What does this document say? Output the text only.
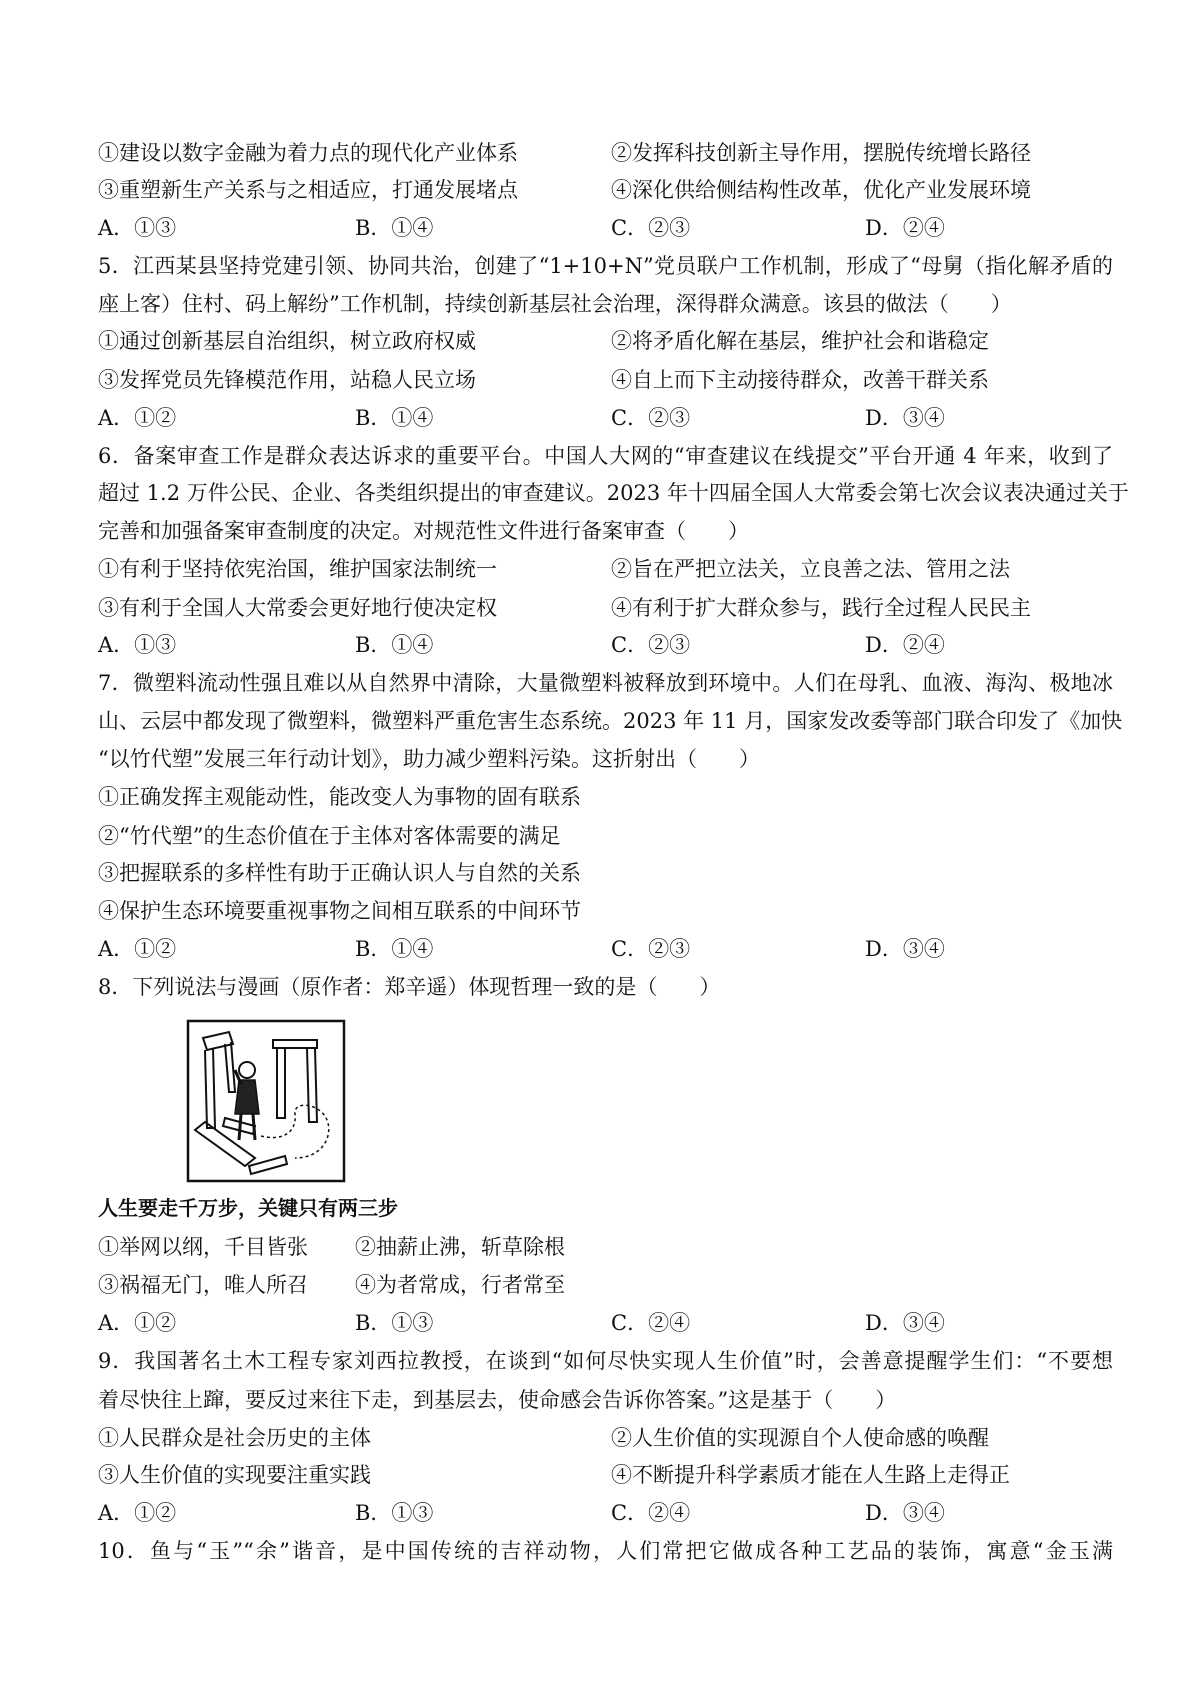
①建设以数字金融为着力点的现代化产业体系	②发挥科技创新主导作用，摆脱传统增长路径
③重塑新生产关系与之相适应，打通发展堵点	④深化供给侧结构性改革，优化产业发展环境
A．①③	B．①④	C．②③	D．②④
5．江西某县坚持党建引领、协同共治，创建了“1+10+N”党员联户工作机制，形成了“母舅（指化解矛盾的
座上客）住村、码上解纷”工作机制，持续创新基层社会治理，深得群众满意。该县的做法（　　）
①通过创新基层自治组织，树立政府权威	②将矛盾化解在基层，维护社会和谐稳定
③发挥党员先锋模范作用，站稳人民立场	④自上而下主动接待群众，改善干群关系
A．①②	B．①④	C．②③	D．③④
6．备案审查工作是群众表达诉求的重要平台。中国人大网的“审查建议在线提交”平台开通 4 年来，收到了
超过 1.2 万件公民、企业、各类组织提出的审查建议。2023 年十四届全国人大常委会第七次会议表决通过关于
完善和加强备案审查制度的决定。对规范性文件进行备案审查（　　）
①有利于坚持依宪治国，维护国家法制统一	②旨在严把立法关，立良善之法、管用之法
③有利于全国人大常委会更好地行使决定权	④有利于扩大群众参与，践行全过程人民民主
A．①③	B．①④	C．②③	D．②④
7．微塑料流动性强且难以从自然界中清除，大量微塑料被释放到环境中。人们在母乳、血液、海沟、极地冰
山、云层中都发现了微塑料，微塑料严重危害生态系统。2023 年 11 月，国家发改委等部门联合印发了《加快
“以竹代塑”发展三年行动计划》，助力减少塑料污染。这折射出（　　）
①正确发挥主观能动性，能改变人为事物的固有联系
②“竹代塑”的生态价值在于主体对客体需要的满足
③把握联系的多样性有助于正确认识人与自然的关系
④保护生态环境要重视事物之间相互联系的中间环节
A．①②	B．①④	C．②③	D．③④
8．下列说法与漫画（原作者：郑辛遥）体现哲理一致的是（　　）
人生要走千万步，关键只有两三步
①举网以纲，千目皆张 ②抽薪止沸，斩草除根
③祸福无门，唯人所召 ④为者常成，行者常至
A．①②	B．①③	C．②④	D．③④
9．我国著名土木工程专家刘西拉教授，在谈到“如何尽快实现人生价值”时，会善意提醒学生们：“不要想
着尽快往上蹿，要反过来往下走，到基层去，使命感会告诉你答案。”这是基于（　　）
①人民群众是社会历史的主体	②人生价值的实现源自个人使命感的唤醒
③人生价值的实现要注重实践	④不断提升科学素质才能在人生路上走得正
A．①②	B．①③	C．②④	D．③④
10．鱼与“玉”“余”谐音，是中国传统的吉祥动物，人们常把它做成各种工艺品的装饰，寓意“金玉满
